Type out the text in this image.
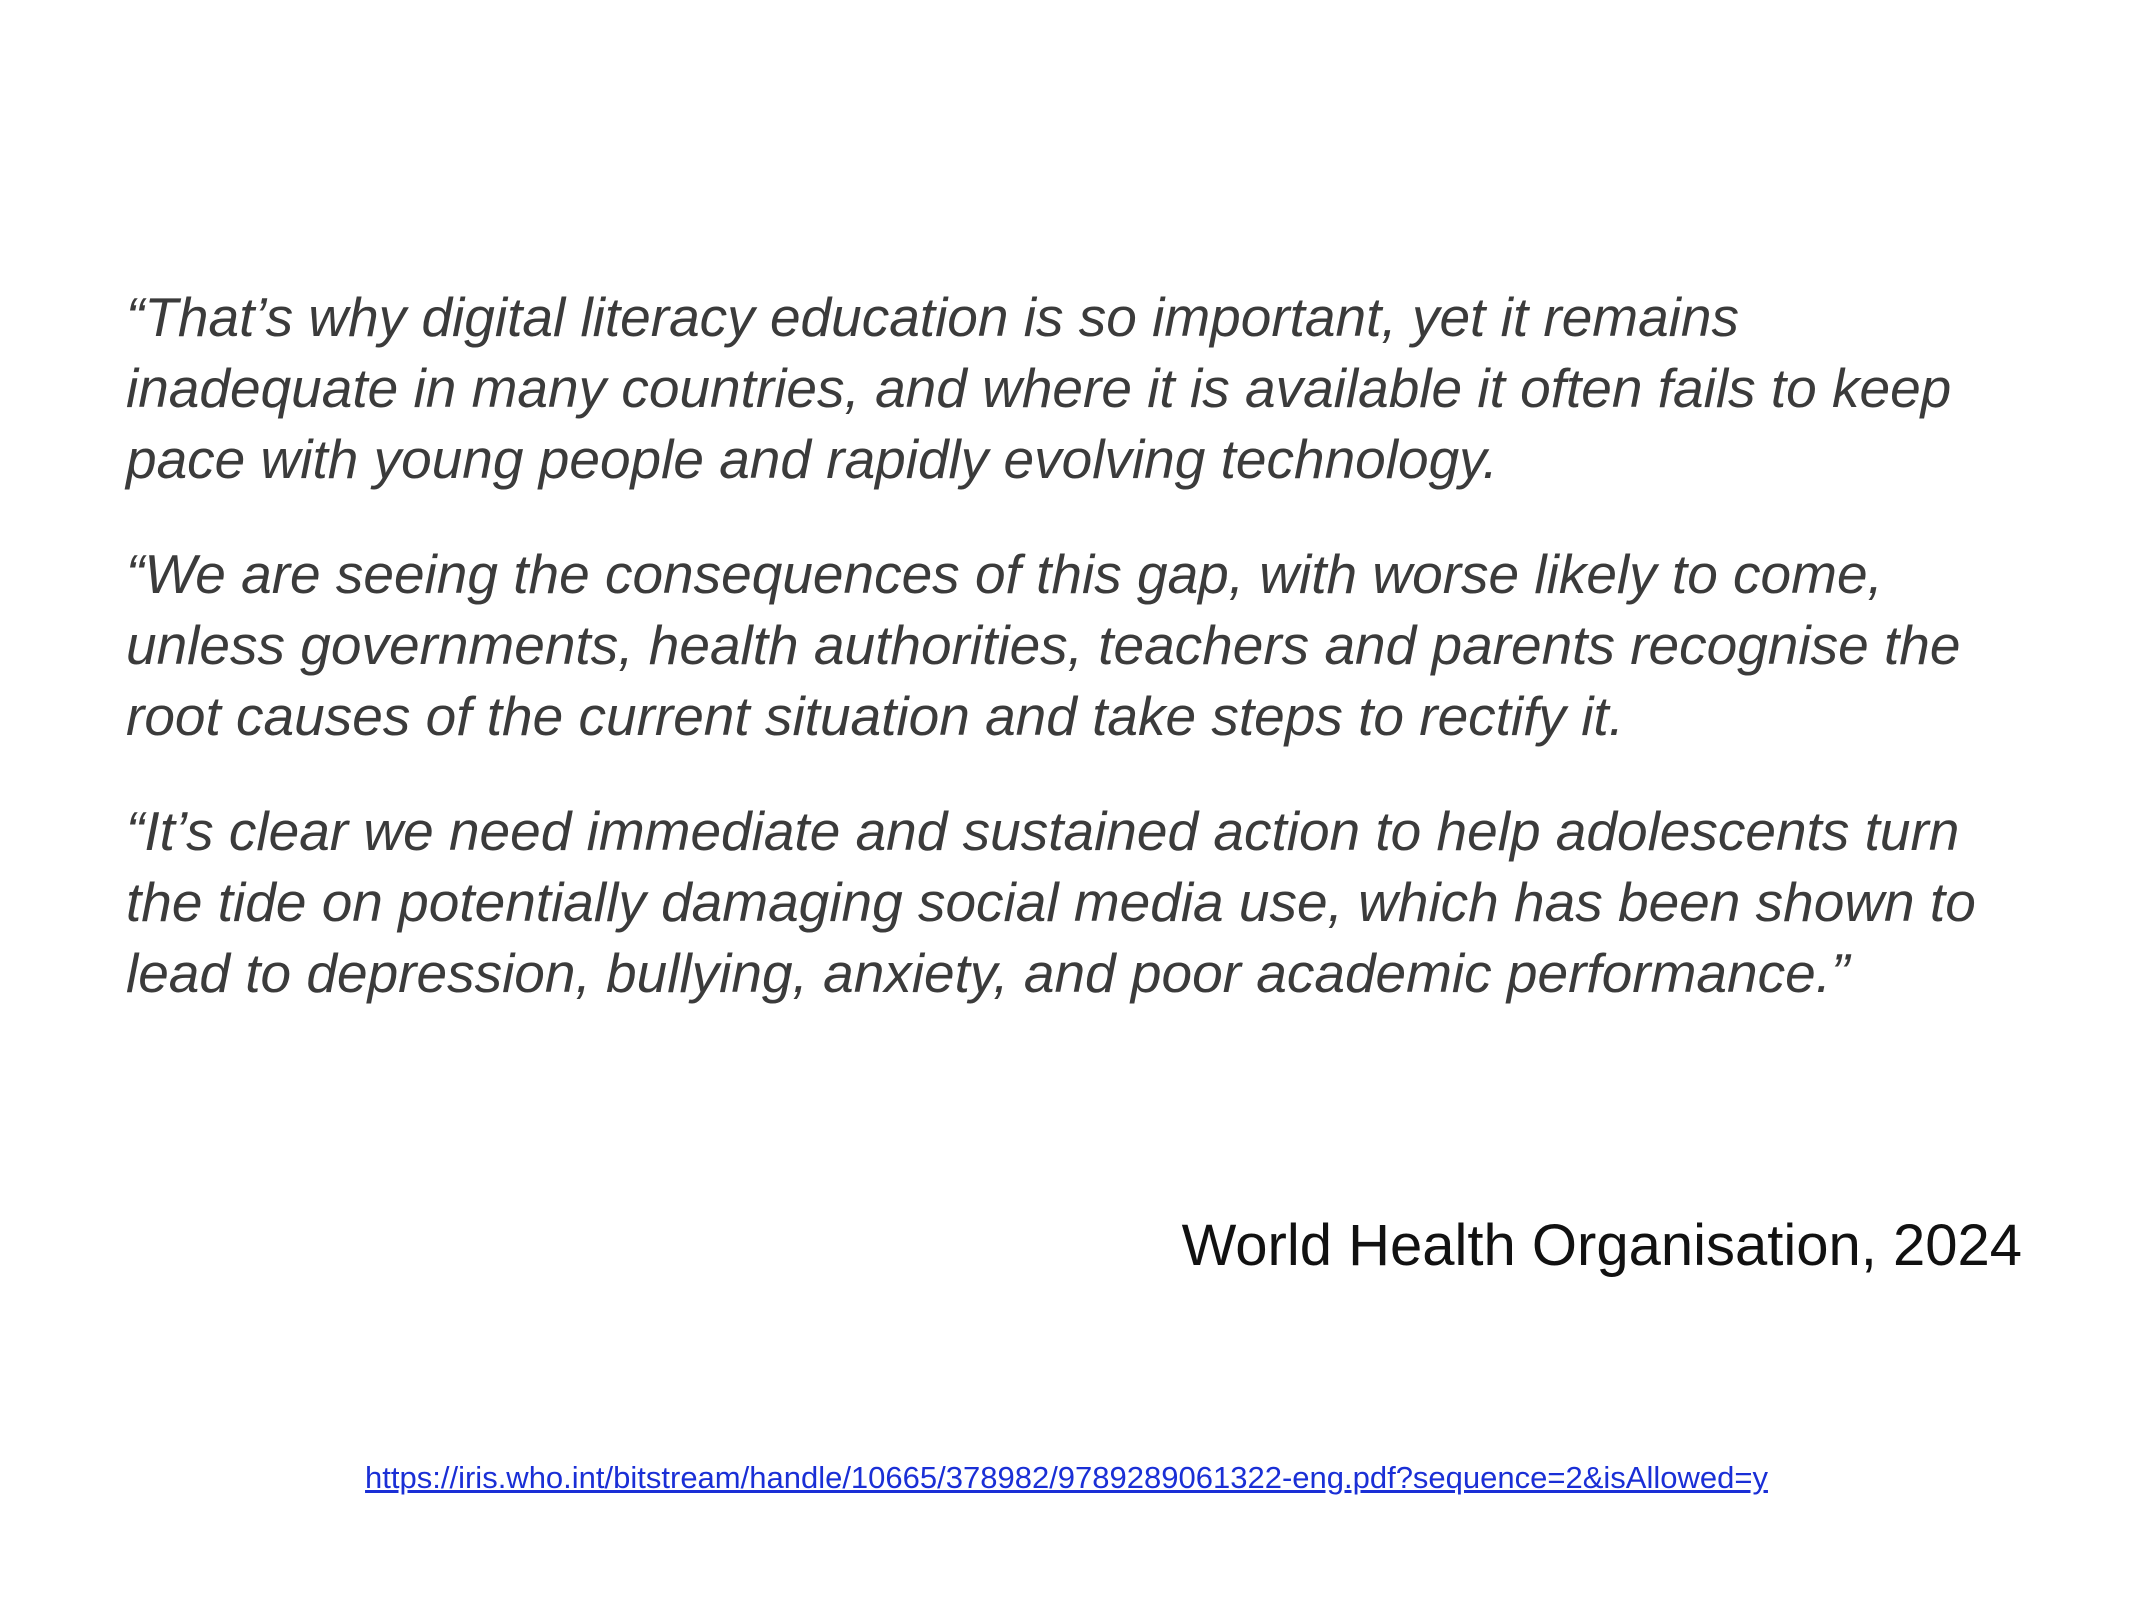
“That’s why digital literacy education is so important, yet it remains inadequate in many countries, and where it is available it often fails to keep pace with young people and rapidly evolving technology.

“We are seeing the consequences of this gap, with worse likely to come, unless governments, health authorities, teachers and parents recognise the root causes of the current situation and take steps to rectify it.

“It’s clear we need immediate and sustained action to help adolescents turn the tide on potentially damaging social media use, which has been shown to lead to depression, bullying, anxiety, and poor academic performance.”

World Health Organisation, 2024
https://iris.who.int/bitstream/handle/10665/378982/9789289061322-eng.pdf?sequence=2&isAllowed=y
